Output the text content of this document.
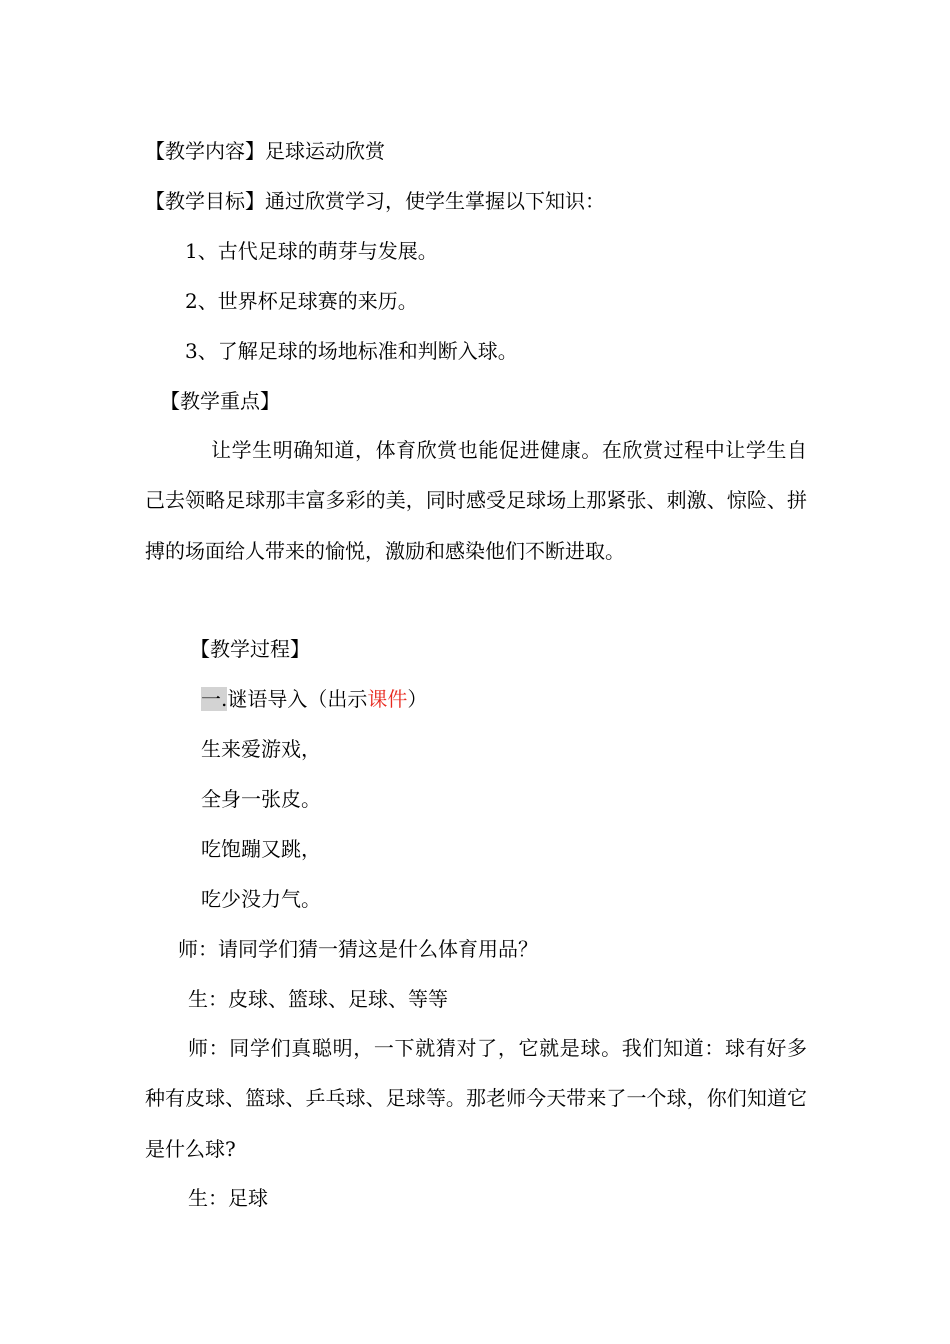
【教学内容】足球运动欣赏
【教学目标】通过欣赏学习，使学生掌握以下知识：
1、古代足球的萌芽与发展。
2、世界杯足球赛的来历。
3、了解足球的场地标准和判断入球。
【教学重点】
让学生明确知道，体育欣赏也能促进健康。在欣赏过程中让学生自己去领略足球那丰富多彩的美，同时感受足球场上那紧张、刺激、惊险、拼搏的场面给人带来的愉悦，激励和感染他们不断进取。
【教学过程】
一.谜语导入（出示课件）
生来爱游戏，
全身一张皮。
吃饱蹦又跳，
吃少没力气。
师：请同学们猜一猜这是什么体育用品？
生：皮球、篮球、足球、等等
师：同学们真聪明，一下就猜对了，它就是球。我们知道：球有好多种有皮球、篮球、乒乓球、足球等。那老师今天带来了一个球，你们知道它是什么球?
生：足球
